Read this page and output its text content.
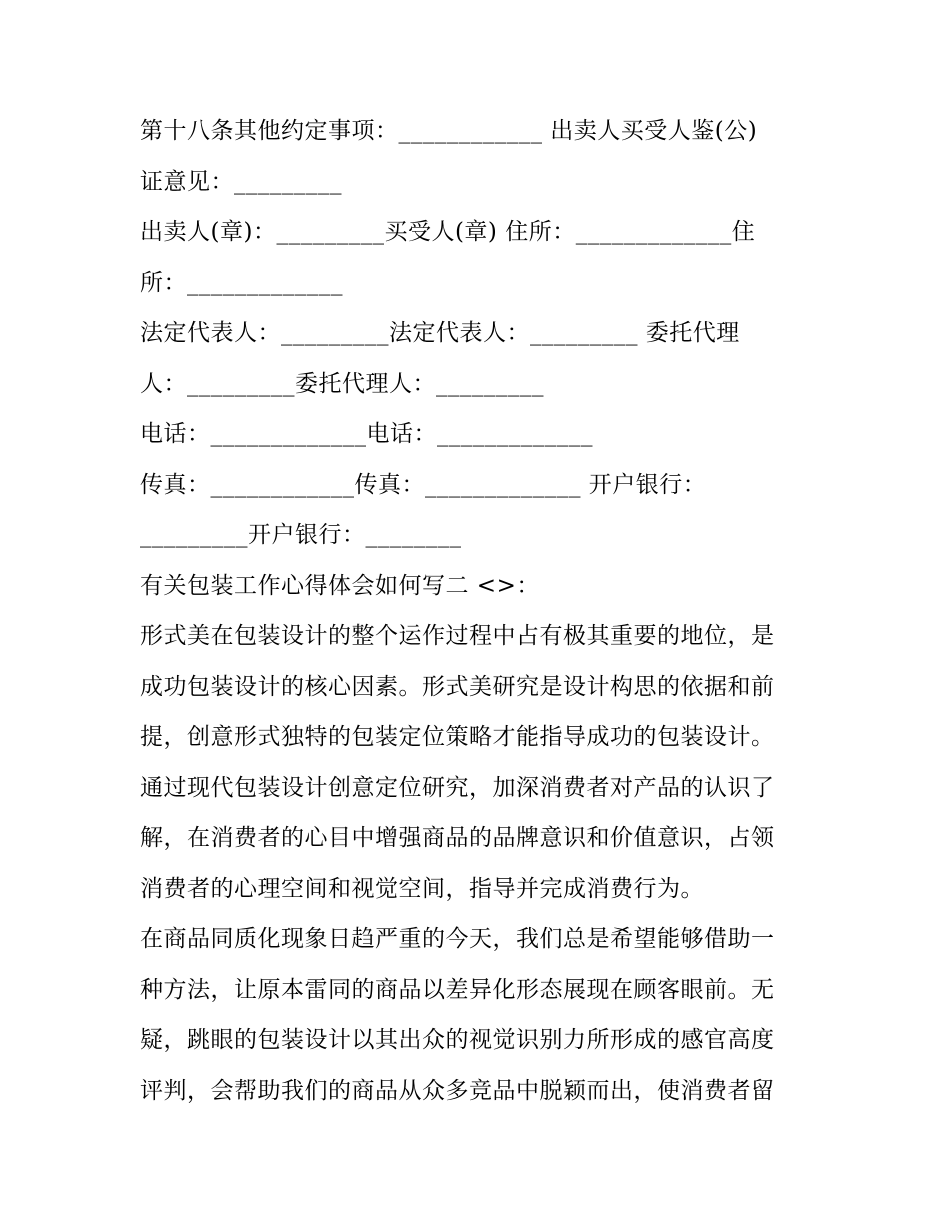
第十八条其他约定事项：____________ 出卖人买受人鉴(公)
证意见：_________
出卖人(章)：_________买受人(章) 住所：_____________住
所：_____________
法定代表人：_________法定代表人：_________ 委托代理
人：_________委托代理人：_________
电话：_____________电话：_____________
传真：____________传真：_____________ 开户银行：
_________开户银行：________
有关包装工作心得体会如何写二 <>：
形式美在包装设计的整个运作过程中占有极其重要的地位，是
成功包装设计的核心因素。形式美研究是设计构思的依据和前
提，创意形式独特的包装定位策略才能指导成功的包装设计。
通过现代包装设计创意定位研究，加深消费者对产品的认识了
解，在消费者的心目中增强商品的品牌意识和价值意识，占领
消费者的心理空间和视觉空间，指导并完成消费行为。
在商品同质化现象日趋严重的今天，我们总是希望能够借助一
种方法，让原本雷同的商品以差异化形态展现在顾客眼前。无
疑，跳眼的包装设计以其出众的视觉识别力所形成的感官高度
评判，会帮助我们的商品从众多竞品中脱颖而出，使消费者留
